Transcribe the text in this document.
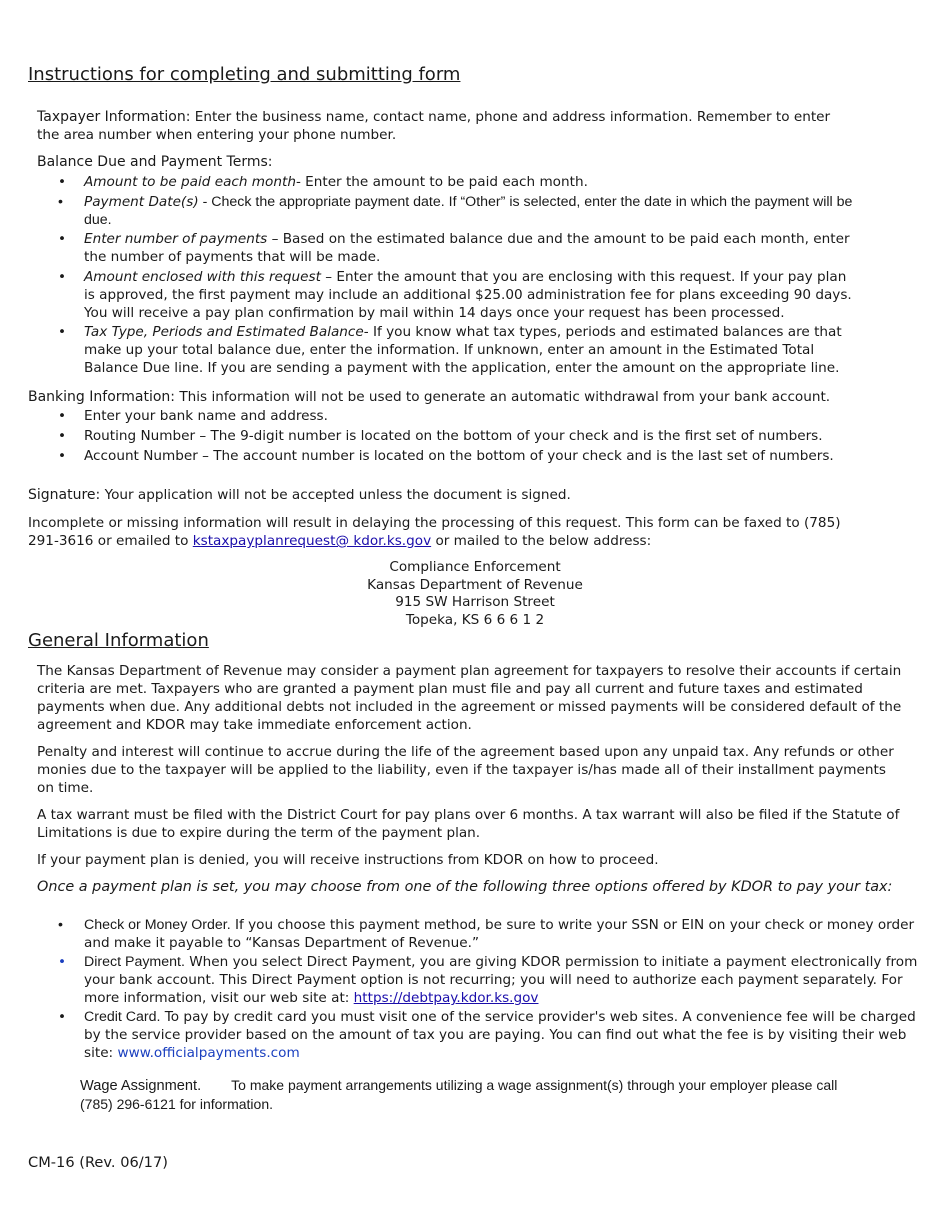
Instructions for completing and submitting form
Taxpayer Information: Enter the business name, contact name, phone and address information. Remember to enter the area number when entering your phone number.
Balance Due and Payment Terms:
• Amount to be paid each month- Enter the amount to be paid each month.
• Payment Date(s) - Check the appropriate payment date. If “Other” is selected, enter the date in which the payment will be due.
• Enter number of payments – Based on the estimated balance due and the amount to be paid each month, enter the number of payments that will be made.
• Amount enclosed with this request – Enter the amount that you are enclosing with this request. If your pay plan is approved, the first payment may include an additional $25.00 administration fee for plans exceeding 90 days. You will receive a pay plan confirmation by mail within 14 days once your request has been processed.
• Tax Type, Periods and Estimated Balance- If you know what tax types, periods and estimated balances are that make up your total balance due, enter the information. If unknown, enter an amount in the Estimated Total Balance Due line. If you are sending a payment with the application, enter the amount on the appropriate line.
Banking Information: This information will not be used to generate an automatic withdrawal from your bank account.
• Enter your bank name and address.
• Routing Number – The 9-digit number is located on the bottom of your check and is the first set of numbers.
• Account Number – The account number is located on the bottom of your check and is the last set of numbers.
Signature: Your application will not be accepted unless the document is signed.
Incomplete or missing information will result in delaying the processing of this request. This form can be faxed to (785) 291-3616 or emailed to kstaxpayplanrequest@ kdor.ks.gov or mailed to the below address:
Compliance Enforcement
Kansas Department of Revenue
915 SW Harrison Street
Topeka, KS 6 6 6 1 2
General Information
The Kansas Department of Revenue may consider a payment plan agreement for taxpayers to resolve their accounts if certain criteria are met. Taxpayers who are granted a payment plan must file and pay all current and future taxes and estimated payments when due. Any additional debts not included in the agreement or missed payments will be considered default of the agreement and KDOR may take immediate enforcement action.
Penalty and interest will continue to accrue during the life of the agreement based upon any unpaid tax. Any refunds or other monies due to the taxpayer will be applied to the liability, even if the taxpayer is/has made all of their installment payments on time.
A tax warrant must be filed with the District Court for pay plans over 6 months. A tax warrant will also be filed if the Statute of Limitations is due to expire during the term of the payment plan.
If your payment plan is denied, you will receive instructions from KDOR on how to proceed.
Once a payment plan is set, you may choose from one of the following three options offered by KDOR to pay your tax:
• Check or Money Order. If you choose this payment method, be sure to write your SSN or EIN on your check or money order and make it payable to “Kansas Department of Revenue.”
• Direct Payment. When you select Direct Payment, you are giving KDOR permission to initiate a payment electronically from your bank account. This Direct Payment option is not recurring; you will need to authorize each payment separately. For more information, visit our web site at: https://debtpay.kdor.ks.gov
• Credit Card. To pay by credit card you must visit one of the service provider's web sites. A convenience fee will be charged by the service provider based on the amount of tax you are paying. You can find out what the fee is by visiting their web site: www.officialpayments.com
Wage Assignment. To make payment arrangements utilizing a wage assignment(s) through your employer please call (785) 296-6121 for information.
CM-16 (Rev. 06/17)
